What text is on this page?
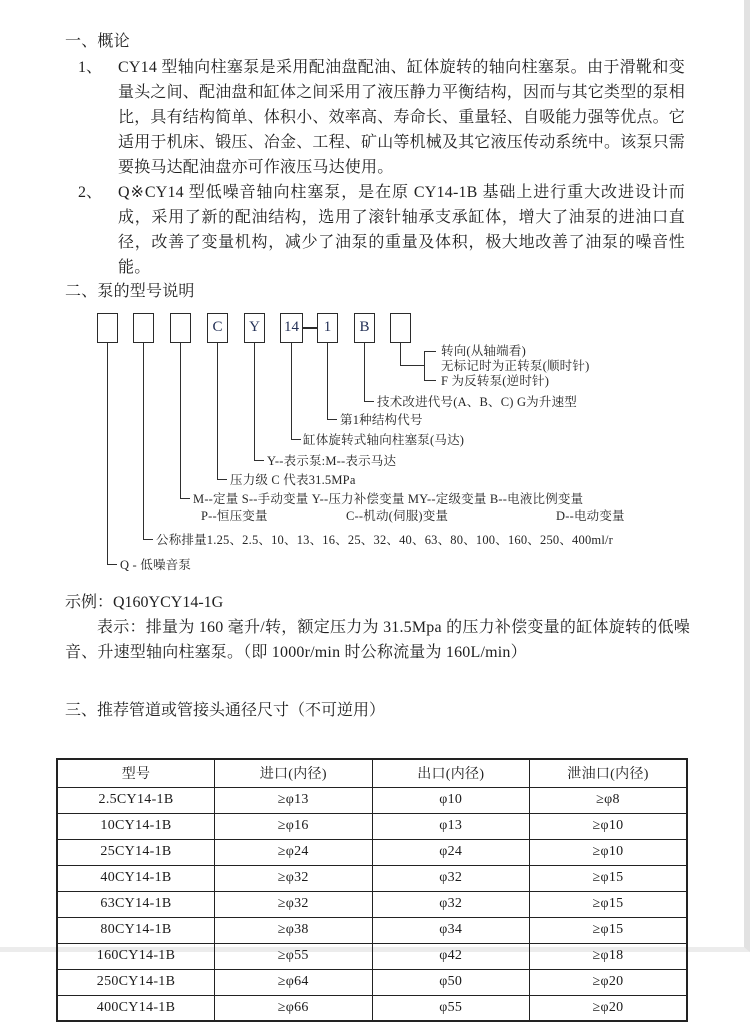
一、概论
1、 CY14 型轴向柱塞泵是采用配油盘配油、缸体旋转的轴向柱塞泵。由于滑靴和变量头之间、配油盘和缸体之间采用了液压静力平衡结构，因而与其它类型的泵相比，具有结构简单、体积小、效率高、寿命长、重量轻、自吸能力强等优点。它适用于机床、锻压、冶金、工程、矿山等机械及其它液压传动系统中。该泵只需要换马达配油盘亦可作液压马达使用。
2、 Q※CY14 型低噪音轴向柱塞泵，是在原 CY14-1B 基础上进行重大改进设计而成，采用了新的配油结构，选用了滚针轴承支承缸体，增大了油泵的进油口直径，改善了变量机构，减少了油泵的重量及体积，极大地改善了油泵的噪音性能。
二、泵的型号说明
C	Y	14	1	B
转向(从轴端看)
无标记时为正转泵(顺时针)
F 为反转泵(逆时针)
技术改进代号(A、B、C) G为升速型
第1种结构代号
缸体旋转式轴向柱塞泵(马达)
Y--表示泵:M--表示马达
压力级 C 代表31.5MPa
M--定量 S--手动变量 Y--压力补偿变量 MY--定级变量 B--电液比例变量
P--恒压变量	C--机动(伺服)变量	D--电动变量
公称排量1.25、2.5、10、13、16、25、32、40、63、80、100、160、250、400ml/r
Q - 低噪音泵
示例：Q160YCY14-1G
表示：排量为 160 毫升/转，额定压力为 31.5Mpa 的压力补偿变量的缸体旋转的低噪音、升速型轴向柱塞泵。（即 1000r/min 时公称流量为 160L/min）
三、推荐管道或管接头通径尺寸（不可逆用）
型号	进口(内径)	出口(内径)	泄油口(内径)
2.5CY14-1B	≥φ13	φ10	≥φ8
10CY14-1B	≥φ16	φ13	≥φ10
25CY14-1B	≥φ24	φ24	≥φ10
40CY14-1B	≥φ32	φ32	≥φ15
63CY14-1B	≥φ32	φ32	≥φ15
80CY14-1B	≥φ38	φ34	≥φ15
160CY14-1B	≥φ55	φ42	≥φ18
250CY14-1B	≥φ64	φ50	≥φ20
400CY14-1B	≥φ66	φ55	≥φ20
